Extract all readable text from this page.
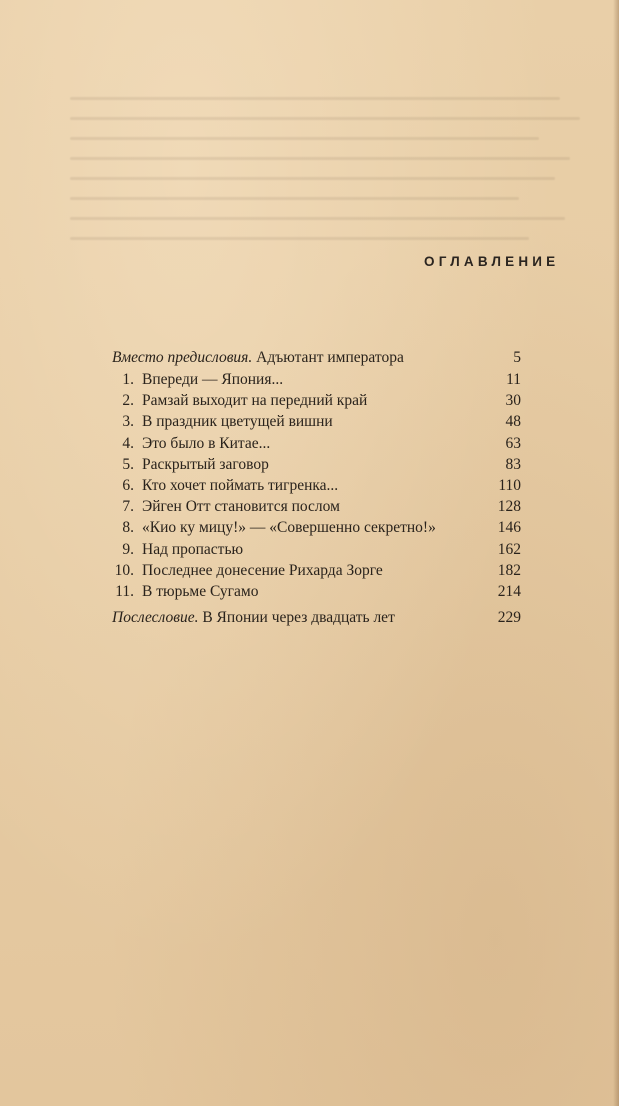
ОГЛАВЛЕНИЕ
Вместо предисловия. Адъютант императора	5
1. Впереди — Япония...	11
2. Рамзай выходит на передний край	30
3. В праздник цветущей вишни	48
4. Это было в Китае...	63
5. Раскрытый заговор	83
6. Кто хочет поймать тигренка...	110
7. Эйген Отт становится послом	128
8. «Кио ку мицу!» — «Совершенно секретно!»	146
9. Над пропастью	162
10. Последнее донесение Рихарда Зорге	182
11. В тюрьме Сугамо	214
Послесловие. В Японии через двадцать лет	229
